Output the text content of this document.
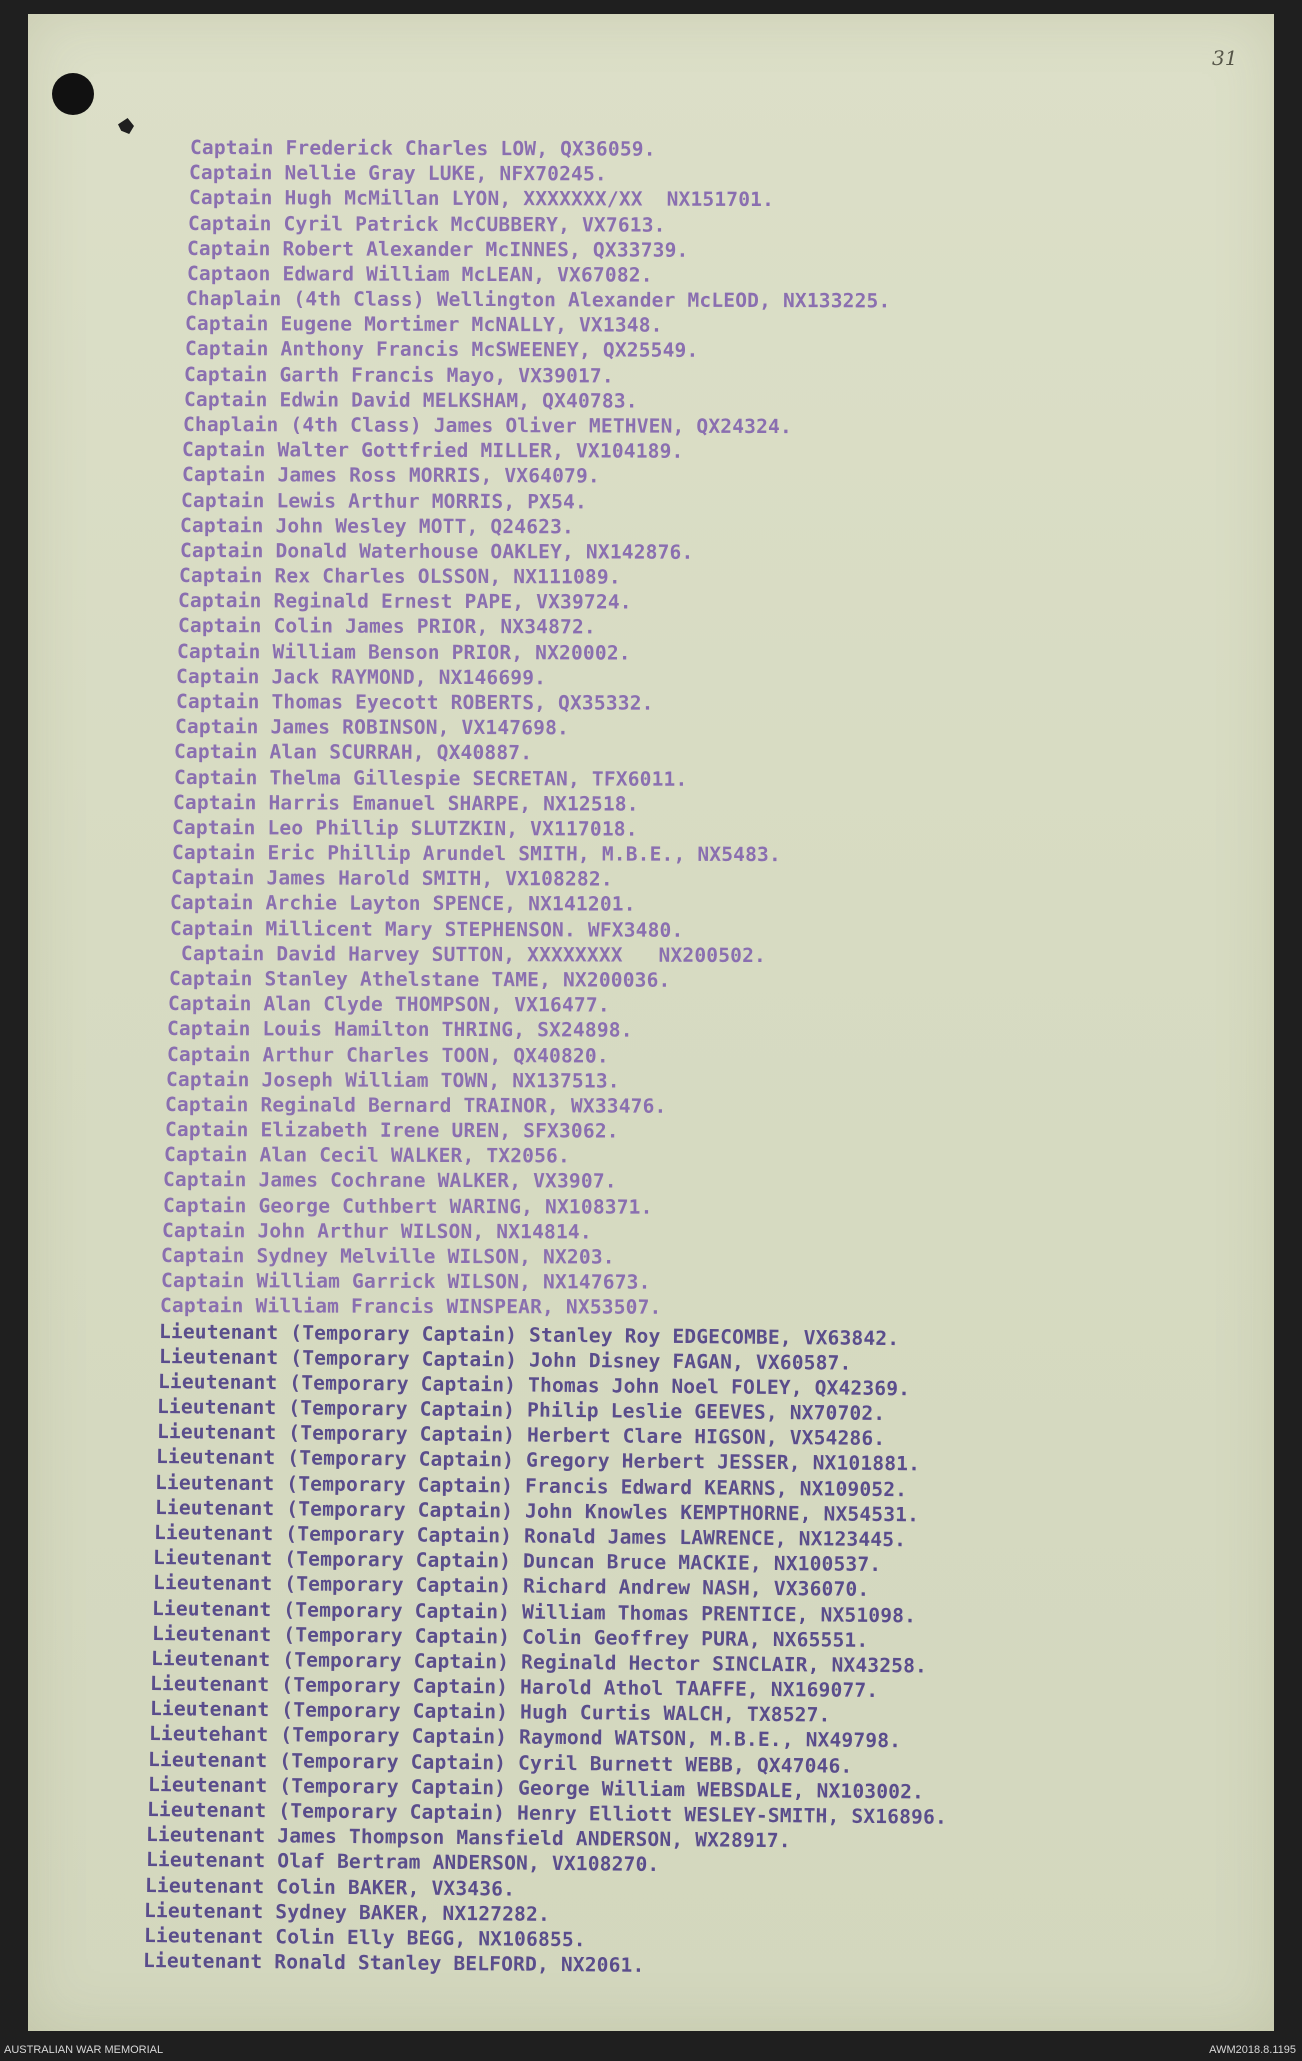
31
Captain Frederick Charles LOW, QX36059.
Captain Nellie Gray LUKE, NFX70245.
Captain Hugh McMillan LYON, XXXXXXX/XX  NX151701.
Captain Cyril Patrick McCUBBERY, VX7613.
Captain Robert Alexander McINNES, QX33739.
Captaon Edward William McLEAN, VX67082.
Chaplain (4th Class) Wellington Alexander McLEOD, NX133225.
Captain Eugene Mortimer McNALLY, VX1348.
Captain Anthony Francis McSWEENEY, QX25549.
Captain Garth Francis Mayo, VX39017.
Captain Edwin David MELKSHAM, QX40783.
Chaplain (4th Class) James Oliver METHVEN, QX24324.
Captain Walter Gottfried MILLER, VX104189.
Captain James Ross MORRIS, VX64079.
Captain Lewis Arthur MORRIS, PX54.
Captain John Wesley MOTT, Q24623.
Captain Donald Waterhouse OAKLEY, NX142876.
Captain Rex Charles OLSSON, NX111089.
Captain Reginald Ernest PAPE, VX39724.
Captain Colin James PRIOR, NX34872.
Captain William Benson PRIOR, NX20002.
Captain Jack RAYMOND, NX146699.
Captain Thomas Eyecott ROBERTS, QX35332.
Captain James ROBINSON, VX147698.
Captain Alan SCURRAH, QX40887.
Captain Thelma Gillespie SECRETAN, TFX6011.
Captain Harris Emanuel SHARPE, NX12518.
Captain Leo Phillip SLUTZKIN, VX117018.
Captain Eric Phillip Arundel SMITH, M.B.E., NX5483.
Captain James Harold SMITH, VX108282.
Captain Archie Layton SPENCE, NX141201.
Captain Millicent Mary STEPHENSON. WFX3480.
Captain David Harvey SUTTON, XXXXXXXX   NX200502.
Captain Stanley Athelstane TAME, NX200036.
Captain Alan Clyde THOMPSON, VX16477.
Captain Louis Hamilton THRING, SX24898.
Captain Arthur Charles TOON, QX40820.
Captain Joseph William TOWN, NX137513.
Captain Reginald Bernard TRAINOR, WX33476.
Captain Elizabeth Irene UREN, SFX3062.
Captain Alan Cecil WALKER, TX2056.
Captain James Cochrane WALKER, VX3907.
Captain George Cuthbert WARING, NX108371.
Captain John Arthur WILSON, NX14814.
Captain Sydney Melville WILSON, NX203.
Captain William Garrick WILSON, NX147673.
Captain William Francis WINSPEAR, NX53507.
Lieutenant (Temporary Captain) Stanley Roy EDGECOMBE, VX63842.
Lieutenant (Temporary Captain) John Disney FAGAN, VX60587.
Lieutenant (Temporary Captain) Thomas John Noel FOLEY, QX42369.
Lieutenant (Temporary Captain) Philip Leslie GEEVES, NX70702.
Lieutenant (Temporary Captain) Herbert Clare HIGSON, VX54286.
Lieutenant (Temporary Captain) Gregory Herbert JESSER, NX101881.
Lieutenant (Temporary Captain) Francis Edward KEARNS, NX109052.
Lieutenant (Temporary Captain) John Knowles KEMPTHORNE, NX54531.
Lieutenant (Temporary Captain) Ronald James LAWRENCE, NX123445.
Lieutenant (Temporary Captain) Duncan Bruce MACKIE, NX100537.
Lieutenant (Temporary Captain) Richard Andrew NASH, VX36070.
Lieutenant (Temporary Captain) William Thomas PRENTICE, NX51098.
Lieutenant (Temporary Captain) Colin Geoffrey PURA, NX65551.
Lieutenant (Temporary Captain) Reginald Hector SINCLAIR, NX43258.
Lieutenant (Temporary Captain) Harold Athol TAAFFE, NX169077.
Lieutenant (Temporary Captain) Hugh Curtis WALCH, TX8527.
Lieutehant (Temporary Captain) Raymond WATSON, M.B.E., NX49798.
Lieutenant (Temporary Captain) Cyril Burnett WEBB, QX47046.
Lieutenant (Temporary Captain) George William WEBSDALE, NX103002.
Lieutenant (Temporary Captain) Henry Elliott WESLEY-SMITH, SX16896.
Lieutenant James Thompson Mansfield ANDERSON, WX28917.
Lieutenant Olaf Bertram ANDERSON, VX108270.
Lieutenant Colin BAKER, VX3436.
Lieutenant Sydney BAKER, NX127282.
Lieutenant Colin Elly BEGG, NX106855.
Lieutenant Ronald Stanley BELFORD, NX2061.
AUSTRALIAN WAR MEMORIAL	AWM2018.8.1195
